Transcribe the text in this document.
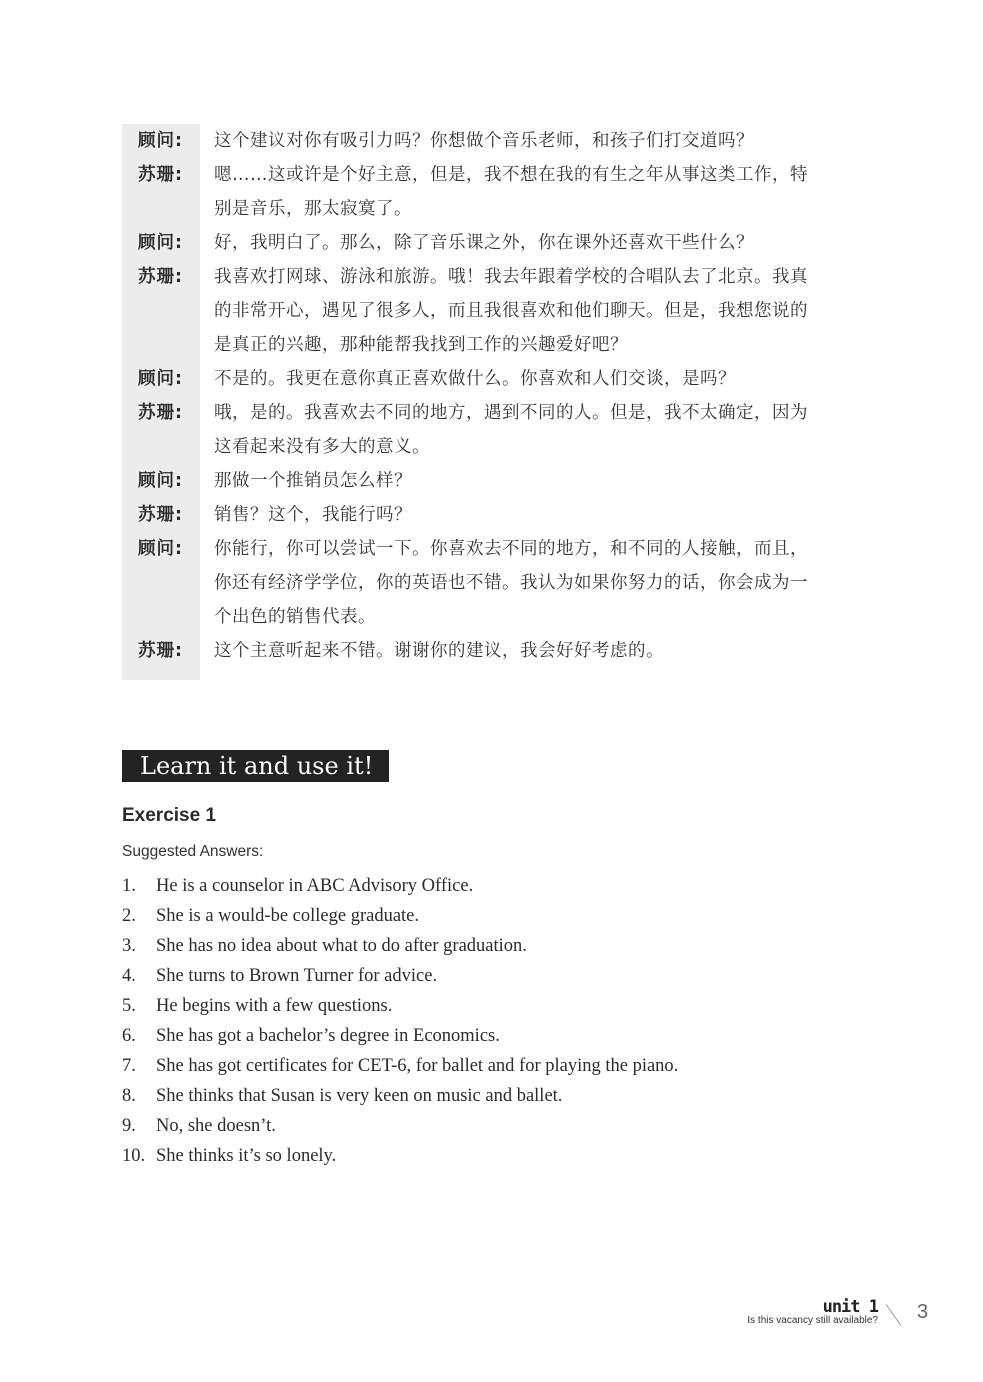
顾问:	这个建议对你有吸引力吗？你想做个音乐老师，和孩子们打交道吗？
苏珊:	嗯……这或许是个好主意，但是，我不想在我的有生之年从事这类工作，特
别是音乐，那太寂寞了。
顾问:	好，我明白了。那么，除了音乐课之外，你在课外还喜欢干些什么？
苏珊:	我喜欢打网球、游泳和旅游。哦！我去年跟着学校的合唱队去了北京。我真
的非常开心，遇见了很多人，而且我很喜欢和他们聊天。但是，我想您说的
是真正的兴趣，那种能帮我找到工作的兴趣爱好吧？
顾问:	不是的。我更在意你真正喜欢做什么。你喜欢和人们交谈，是吗？
苏珊:	哦，是的。我喜欢去不同的地方，遇到不同的人。但是，我不太确定，因为
这看起来没有多大的意义。
顾问:	那做一个推销员怎么样？
苏珊:	销售？这个，我能行吗？
顾问:	你能行，你可以尝试一下。你喜欢去不同的地方，和不同的人接触，而且，
你还有经济学学位，你的英语也不错。我认为如果你努力的话，你会成为一
个出色的销售代表。
苏珊:	这个主意听起来不错。谢谢你的建议，我会好好考虑的。
Learn it and use it!
Exercise 1
Suggested Answers:
1.	He is a counselor in ABC Advisory Office.
2.	She is a would-be college graduate.
3.	She has no idea about what to do after graduation.
4.	She turns to Brown Turner for advice.
5.	He begins with a few questions.
6.	She has got a bachelor’s degree in Economics.
7.	She has got certificates for CET-6, for ballet and for playing the piano.
8.	She thinks that Susan is very keen on music and ballet.
9.	No, she doesn’t.
10. She thinks it’s so lonely.
unit 1
Is this vacancy still available? 3
